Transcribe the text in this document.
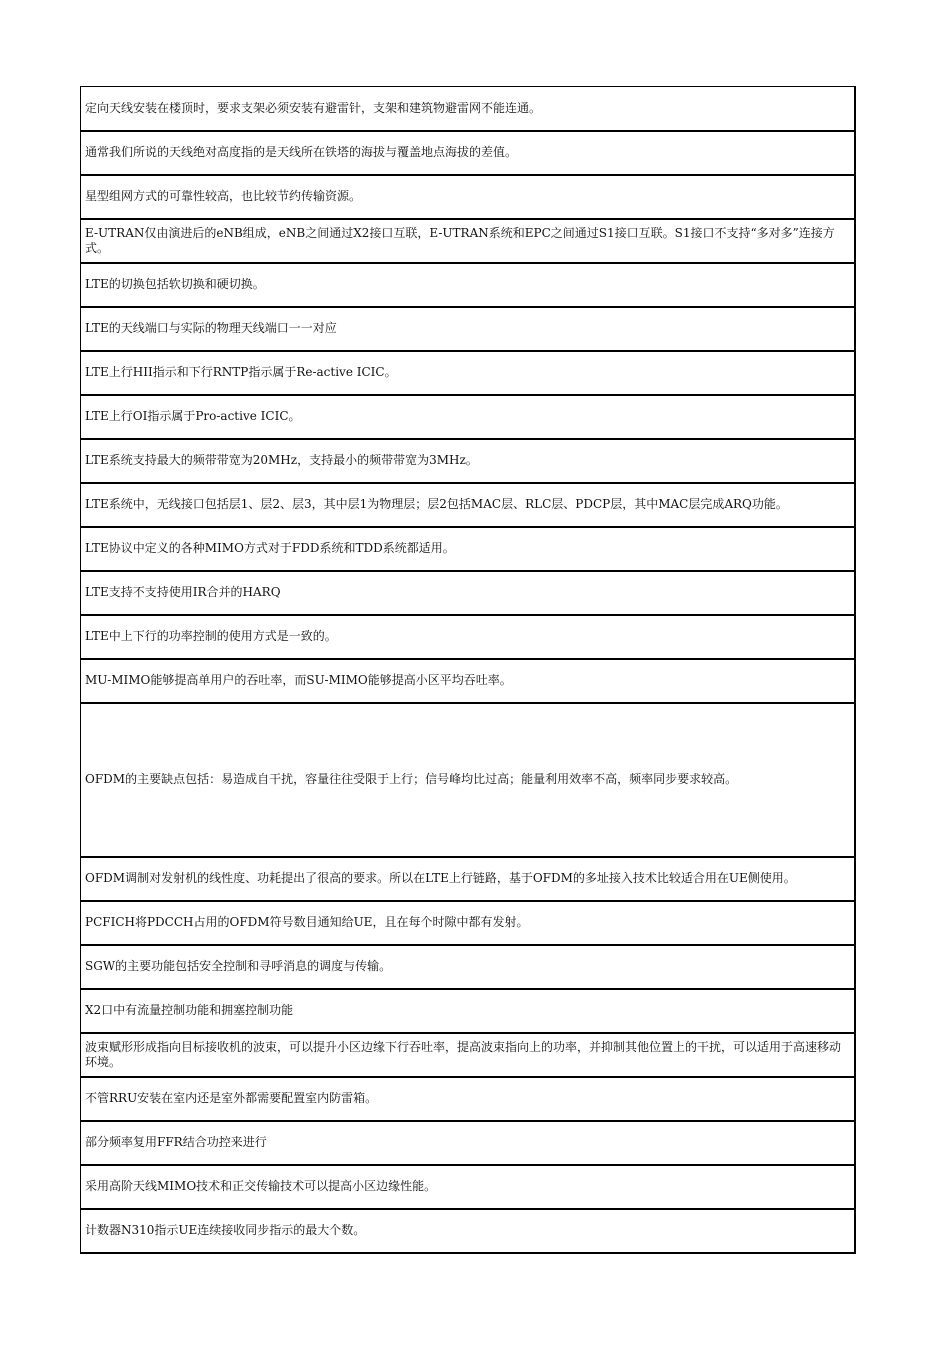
定向天线安装在楼顶时，要求支架必须安装有避雷针，支架和建筑物避雷网不能连通。
通常我们所说的天线绝对高度指的是天线所在铁塔的海拔与覆盖地点海拔的差值。
星型组网方式的可靠性较高，也比较节约传输资源。
E-UTRAN仅由演进后的eNB组成，eNB之间通过X2接口互联，E-UTRAN系统和EPC之间通过S1接口互联。S1接口不支持“多对多”连接方式。
LTE的切换包括软切换和硬切换。
LTE的天线端口与实际的物理天线端口一一对应
LTE上行HII指示和下行RNTP指示属于Re-active ICIC。
LTE上行OI指示属于Pro-active ICIC。
LTE系统支持最大的频带带宽为20MHz，支持最小的频带带宽为3MHz。
LTE系统中，无线接口包括层1、层2、层3，其中层1为物理层；层2包括MAC层、RLC层、PDCP层，其中MAC层完成ARQ功能。
LTE协议中定义的各种MIMO方式对于FDD系统和TDD系统都适用。
LTE支持不支持使用IR合并的HARQ
LTE中上下行的功率控制的使用方式是一致的。
MU-MIMO能够提高单用户的吞吐率，而SU-MIMO能够提高小区平均吞吐率。
OFDM的主要缺点包括：易造成自干扰，容量往往受限于上行；信号峰均比过高；能量利用效率不高，频率同步要求较高。
OFDM调制对发射机的线性度、功耗提出了很高的要求。所以在LTE上行链路，基于OFDM的多址接入技术比较适合用在UE侧使用。
PCFICH将PDCCH占用的OFDM符号数目通知给UE，且在每个时隙中都有发射。
SGW的主要功能包括安全控制和寻呼消息的调度与传输。
X2口中有流量控制功能和拥塞控制功能
波束赋形形成指向目标接收机的波束，可以提升小区边缘下行吞吐率，提高波束指向上的功率，并抑制其他位置上的干扰，可以适用于高速移动环境。
不管RRU安装在室内还是室外都需要配置室内防雷箱。
部分频率复用FFR结合功控来进行
采用高阶天线MIMO技术和正交传输技术可以提高小区边缘性能。
计数器N310指示UE连续接收同步指示的最大个数。
